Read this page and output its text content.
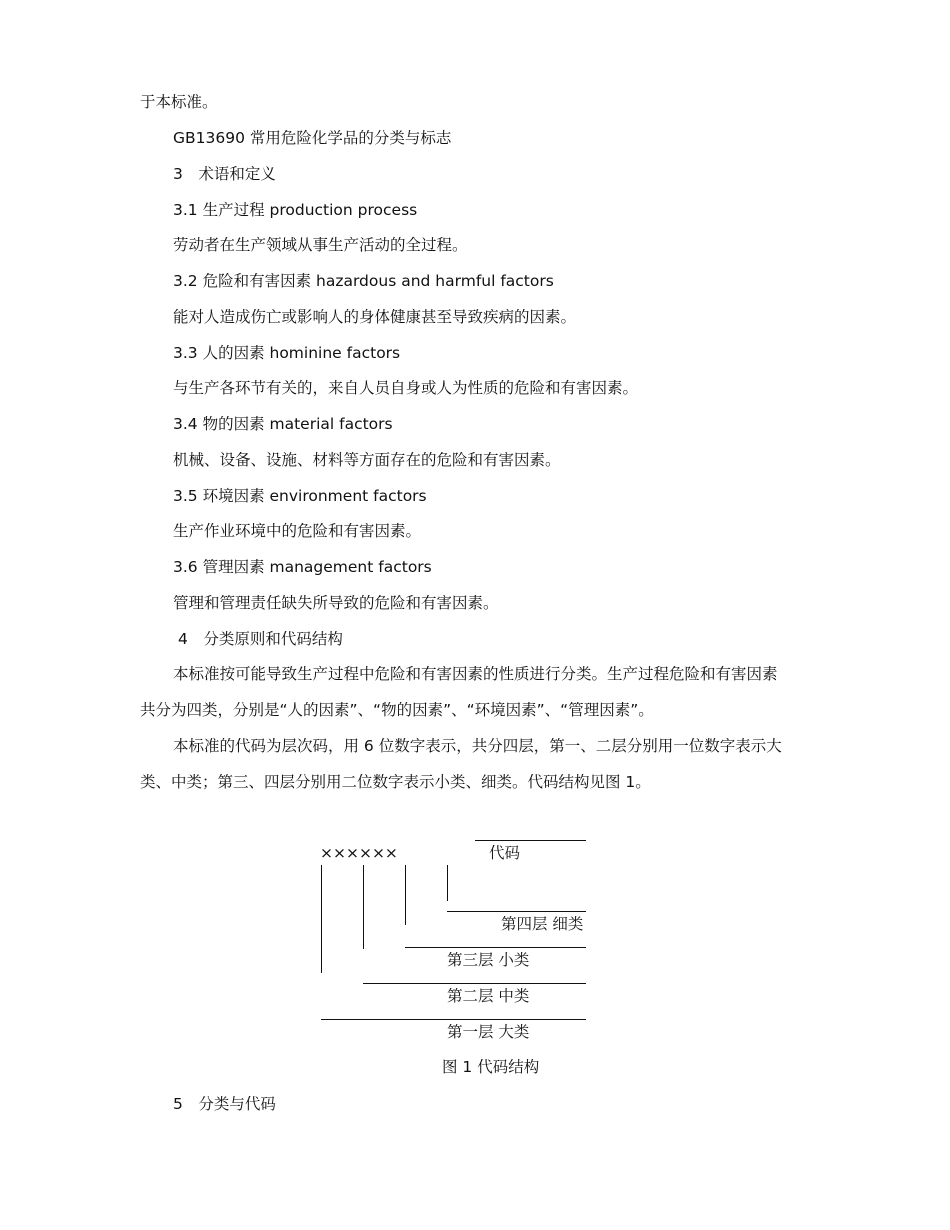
于本标准。
GB13690 常用危险化学品的分类与标志
3　术语和定义
3.1 生产过程 production process
劳动者在生产领域从事生产活动的全过程。
3.2 危险和有害因素 hazardous and harmful factors
能对人造成伤亡或影响人的身体健康甚至导致疾病的因素。
3.3 人的因素 hominine factors
与生产各环节有关的，来自人员自身或人为性质的危险和有害因素。
3.4 物的因素 material factors
机械、设备、设施、材料等方面存在的危险和有害因素。
3.5 环境因素 environment factors
生产作业环境中的危险和有害因素。
3.6 管理因素 management factors
管理和管理责任缺失所导致的危险和有害因素。
4　分类原则和代码结构
本标准按可能导致生产过程中危险和有害因素的性质进行分类。生产过程危险和有害因素
共分为四类，分别是“人的因素”、“物的因素”、“环境因素”、“管理因素”。
本标准的代码为层次码，用 6 位数字表示，共分四层，第一、二层分别用一位数字表示大
类、中类；第三、四层分别用二位数字表示小类、细类。代码结构见图 1。
××××××	代码
第四层 细类
第三层 小类
第二层 中类
第一层 大类
图 1 代码结构
5　分类与代码
